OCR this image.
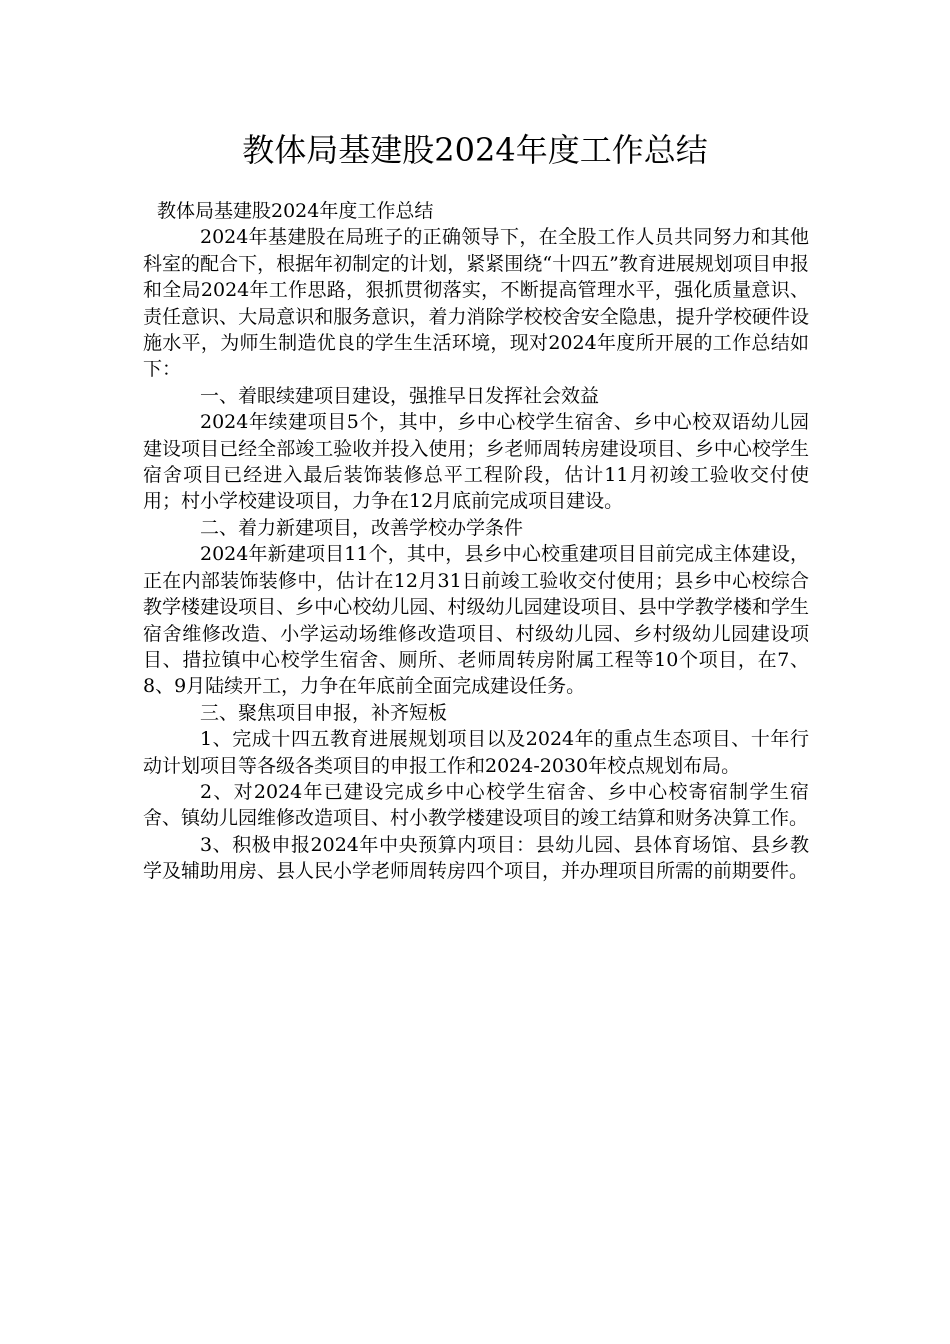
教体局基建股2024年度工作总结

教体局基建股2024年度工作总结

2024年基建股在局班子的正确领导下，在全股工作人员共同努力和其他科室的配合下，根据年初制定的计划，紧紧围绕“十四五”教育进展规划项目申报和全局2024年工作思路，狠抓贯彻落实，不断提高管理水平，强化质量意识、责任意识、大局意识和服务意识，着力消除学校校舍安全隐患，提升学校硬件设施水平，为师生制造优良的学生生活环境，现对2024年度所开展的工作总结如下：

一、着眼续建项目建设，强推早日发挥社会效益

2024年续建项目5个，其中，乡中心校学生宿舍、乡中心校双语幼儿园建设项目已经全部竣工验收并投入使用；乡老师周转房建设项目、乡中心校学生宿舍项目已经进入最后装饰装修总平工程阶段，估计11月初竣工验收交付使用；村小学校建设项目，力争在12月底前完成项目建设。

二、着力新建项目，改善学校办学条件

2024年新建项目11个，其中，县乡中心校重建项目目前完成主体建设，正在内部装饰装修中，估计在12月31日前竣工验收交付使用；县乡中心校综合教学楼建设项目、乡中心校幼儿园、村级幼儿园建设项目、县中学教学楼和学生宿舍维修改造、小学运动场维修改造项目、村级幼儿园、乡村级幼儿园建设项目、措拉镇中心校学生宿舍、厕所、老师周转房附属工程等10个项目，在7、8、9月陆续开工，力争在年底前全面完成建设任务。

三、聚焦项目申报，补齐短板

1、完成十四五教育进展规划项目以及2024年的重点生态项目、十年行动计划项目等各级各类项目的申报工作和2024-2030年校点规划布局。

2、对2024年已建设完成乡中心校学生宿舍、乡中心校寄宿制学生宿舍、镇幼儿园维修改造项目、村小教学楼建设项目的竣工结算和财务决算工作。

3、积极申报2024年中央预算内项目：县幼儿园、县体育场馆、县乡教学及辅助用房、县人民小学老师周转房四个项目，并办理项目所需的前期要件。
